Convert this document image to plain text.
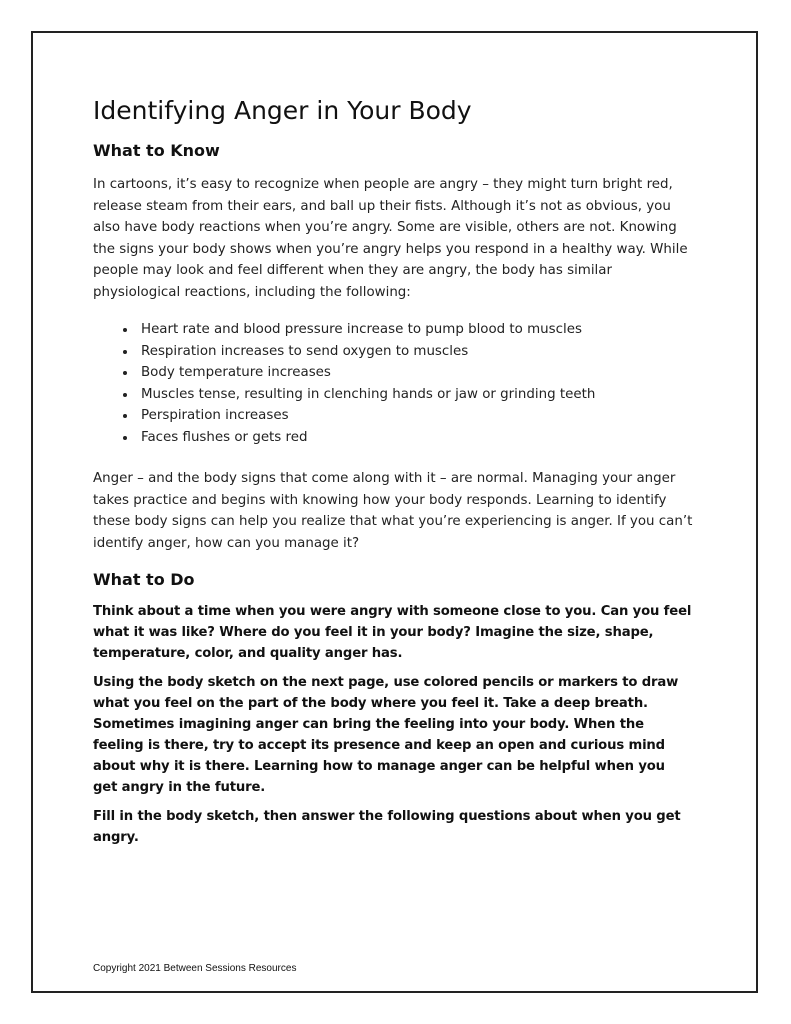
Identifying Anger in Your Body
What to Know

In cartoons, it’s easy to recognize when people are angry – they might turn bright red, release steam from their ears, and ball up their fists. Although it’s not as obvious, you also have body reactions when you’re angry. Some are visible, others are not. Knowing the signs your body shows when you’re angry helps you respond in a healthy way. While people may look and feel different when they are angry, the body has similar physiological reactions, including the following:

• Heart rate and blood pressure increase to pump blood to muscles
• Respiration increases to send oxygen to muscles
• Body temperature increases
• Muscles tense, resulting in clenching hands or jaw or grinding teeth
• Perspiration increases
• Faces flushes or gets red

Anger – and the body signs that come along with it – are normal. Managing your anger takes practice and begins with knowing how your body responds. Learning to identify these body signs can help you realize that what you’re experiencing is anger. If you can’t identify anger, how can you manage it?

What to Do

Think about a time when you were angry with someone close to you. Can you feel what it was like? Where do you feel it in your body? Imagine the size, shape, temperature, color, and quality anger has.

Using the body sketch on the next page, use colored pencils or markers to draw what you feel on the part of the body where you feel it. Take a deep breath. Sometimes imagining anger can bring the feeling into your body. When the feeling is there, try to accept its presence and keep an open and curious mind about why it is there. Learning how to manage anger can be helpful when you get angry in the future.

Fill in the body sketch, then answer the following questions about when you get angry.

Copyright 2021 Between Sessions Resources
